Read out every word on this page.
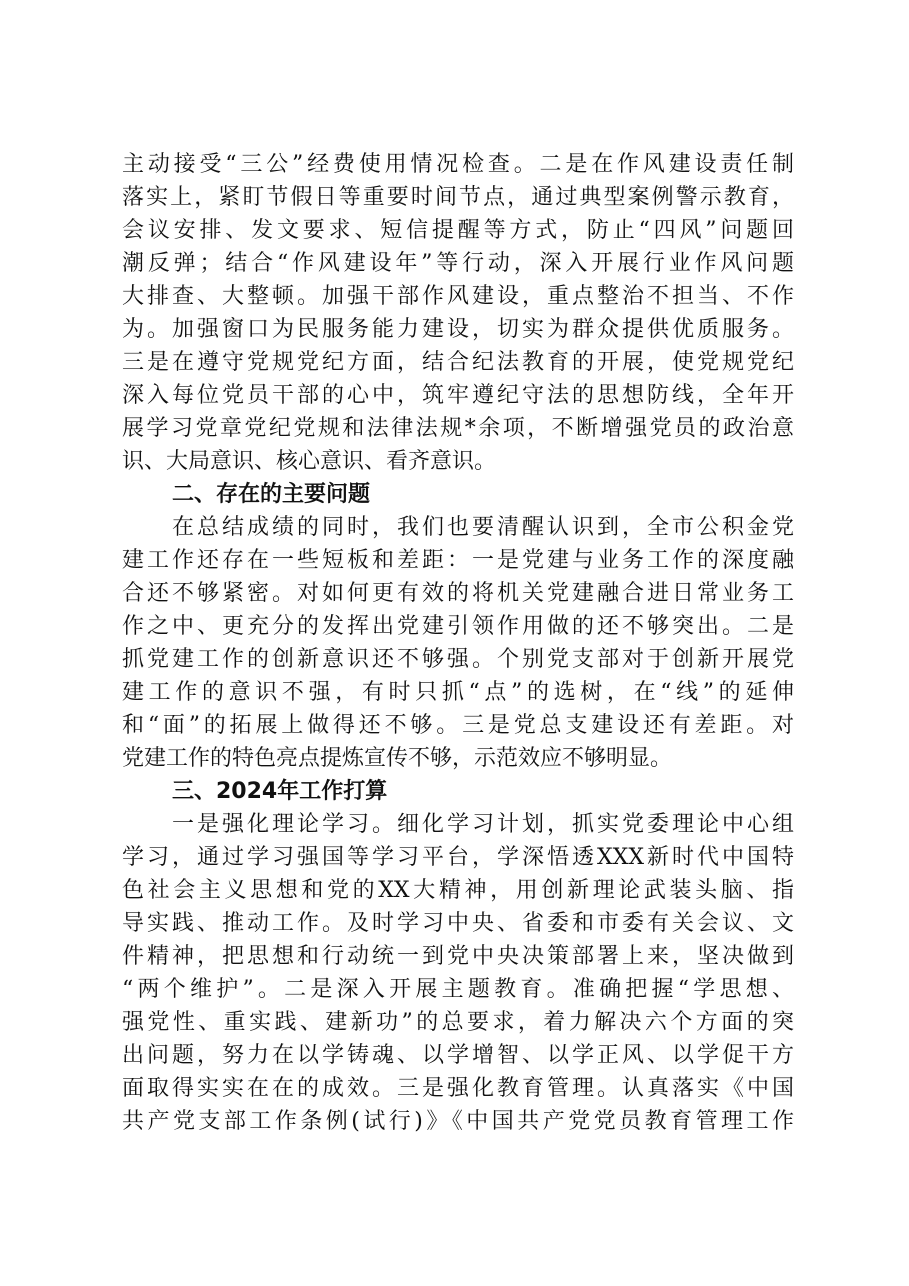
主动接受“三公”经费使用情况检查。二是在作风建设责任制
落实上，紧盯节假日等重要时间节点，通过典型案例警示教育，
会议安排、发文要求、短信提醒等方式，防止“四风”问题回
潮反弹；结合“作风建设年”等行动，深入开展行业作风问题
大排查、大整顿。加强干部作风建设，重点整治不担当、不作
为。加强窗口为民服务能力建设，切实为群众提供优质服务。
三是在遵守党规党纪方面，结合纪法教育的开展，使党规党纪
深入每位党员干部的心中，筑牢遵纪守法的思想防线，全年开
展学习党章党纪党规和法律法规*余项，不断增强党员的政治意
识、大局意识、核心意识、看齐意识。
二、存在的主要问题
在总结成绩的同时，我们也要清醒认识到，全市公积金党
建工作还存在一些短板和差距：一是党建与业务工作的深度融
合还不够紧密。对如何更有效的将机关党建融合进日常业务工
作之中、更充分的发挥出党建引领作用做的还不够突出。二是
抓党建工作的创新意识还不够强。个别党支部对于创新开展党
建工作的意识不强，有时只抓“点”的选树，在“线”的延伸
和“面”的拓展上做得还不够。三是党总支建设还有差距。对
党建工作的特色亮点提炼宣传不够，示范效应不够明显。
三、2024年工作打算
一是强化理论学习。细化学习计划，抓实党委理论中心组
学习，通过学习强国等学习平台，学深悟透XXX新时代中国特
色社会主义思想和党的XX大精神，用创新理论武装头脑、指
导实践、推动工作。及时学习中央、省委和市委有关会议、文
件精神，把思想和行动统一到党中央决策部署上来，坚决做到
“两个维护”。二是深入开展主题教育。准确把握“学思想、
强党性、重实践、建新功”的总要求，着力解决六个方面的突
出问题，努力在以学铸魂、以学增智、以学正风、以学促干方
面取得实实在在的成效。三是强化教育管理。认真落实《中国
共产党支部工作条例(试行)》《中国共产党党员教育管理工作
